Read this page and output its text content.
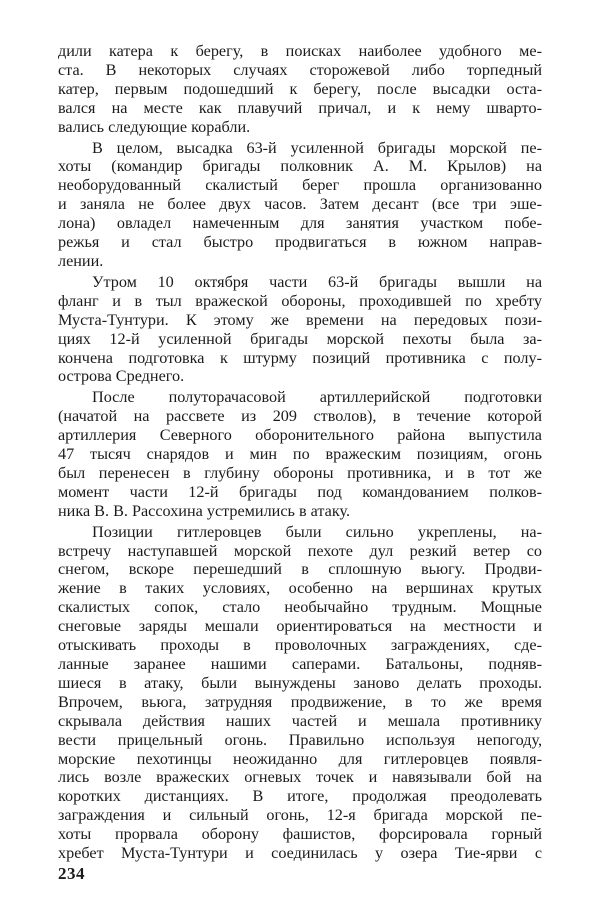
дили катера к берегу, в поисках наиболее удобного ме-
ста. В некоторых случаях сторожевой либо торпедный
катер, первым подошедший к берегу, после высадки оста-
вался на месте как плавучий причал, и к нему швартo-
вались следующие корабли.

В целом, высадка 63-й усиленной бригады морской пе-
хоты (командир бригады полковник А. М. Крылов) на
необорудованный скалистый берег прошла организованно
и заняла не более двух часов. Затем десант (все три эше-
лона) овладел намеченным для занятия участком побе-
режья и стал быстро продвигаться в южном направ-
лении.

Утром 10 октября части 63-й бригады вышли на
фланг и в тыл вражеской обороны, проходившей по хребту
Муста-Тунтури. К этому же времени на передовых пози-
циях 12-й усиленной бригады морской пехоты была за-
кончена подготовка к штурму позиций противника с полу-
острова Среднего.

После полуторачасовой артиллерийской подготовки
(начатой на рассвете из 209 стволов), в течение которой
артиллерия Северного оборонительного района выпустила
47 тысяч снарядов и мин по вражеским позициям, огонь
был перенесен в глубину обороны противника, и в тот же
момент части 12-й бригады под командованием полков-
ника В. В. Рассохина устремились в атаку.

Позиции гитлеровцев были сильно укреплены, на-
встречу наступавшей морской пехоте дул резкий ветер со
снегом, вскоре перешедший в сплошную вьюгу. Продви-
жение в таких условиях, особенно на вершинах крутых
скалистых сопок, стало необычайно трудным. Мощные
снеговые заряды мешали ориентироваться на местности и
отыскивать проходы в проволочных заграждениях, сде-
ланные заранее нашими саперами. Батальоны, подняв-
шиеся в атаку, были вынуждены заново делать проходы.
Впрочем, вьюга, затрудняя продвижение, в то же время
скрывала действия наших частей и мешала противнику
вести прицельный огонь. Правильно используя непогоду,
морские пехотинцы неожиданно для гитлеровцев появля-
лись возле вражеских огневых точек и навязывали бой на
коротких дистанциях. В итоге, продолжая преодолевать
заграждения и сильный огонь, 12-я бригада морской пе-
хоты прорвала оборону фашистов, форсировала горный
хребет Муста-Тунтури и соединилась у озера Тие-ярви с

234
